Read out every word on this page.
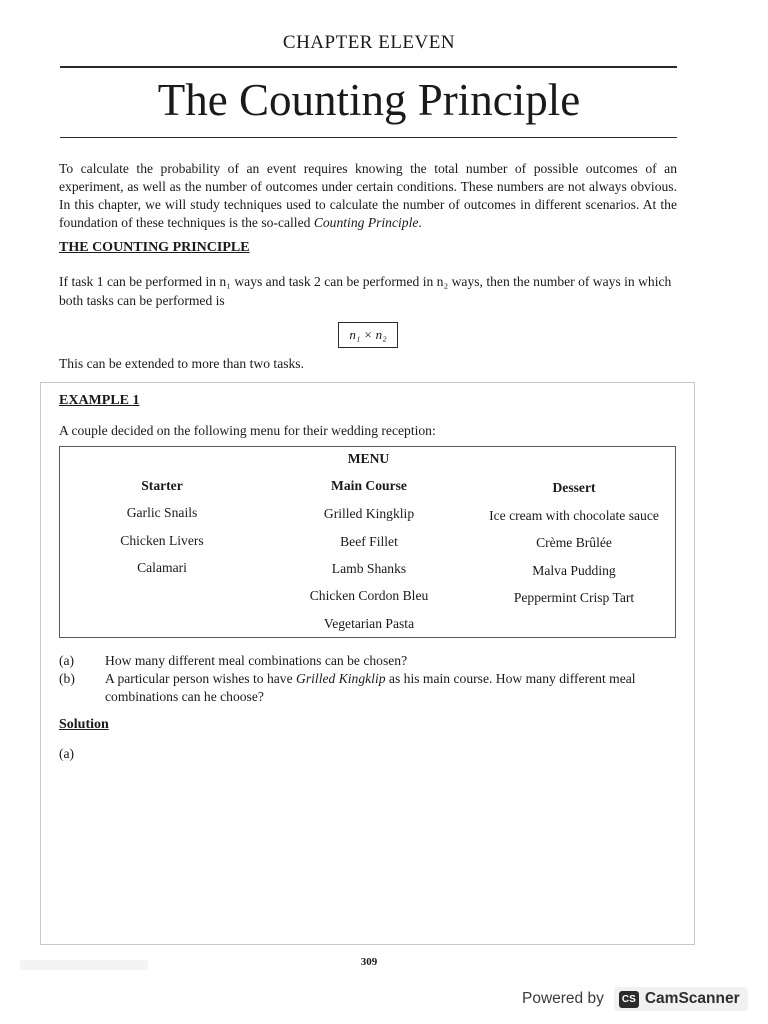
CHAPTER ELEVEN
The Counting Principle

To calculate the probability of an event requires knowing the total number of possible outcomes of an experiment, as well as the number of outcomes under certain conditions. These numbers are not always obvious. In this chapter, we will study techniques used to calculate the number of outcomes in different scenarios. At the foundation of these techniques is the so-called Counting Principle.

THE COUNTING PRINCIPLE

If task 1 can be performed in n₁ ways and task 2 can be performed in n₂ ways, then the number of ways in which both tasks can be performed is

n₁ × n₂
This can be extended to more than two tasks.
EXAMPLE 1
A couple decided on the following menu for their wedding reception:
MENU
Starter
Garlic Snails
Chicken Livers
Calamari
Main Course
Grilled Kingklip
Beef Fillet
Lamb Shanks
Chicken Cordon Bleu
Vegetarian Pasta
Dessert
Ice cream with chocolate sauce
Crème Brûlée
Malva Pudding
Peppermint Crisp Tart
(a) How many different meal combinations can be chosen?
(b) A particular person wishes to have Grilled Kingklip as his main course. How many different meal combinations can he choose?
Solution
(a)
309
Powered by	CS CamScanner
